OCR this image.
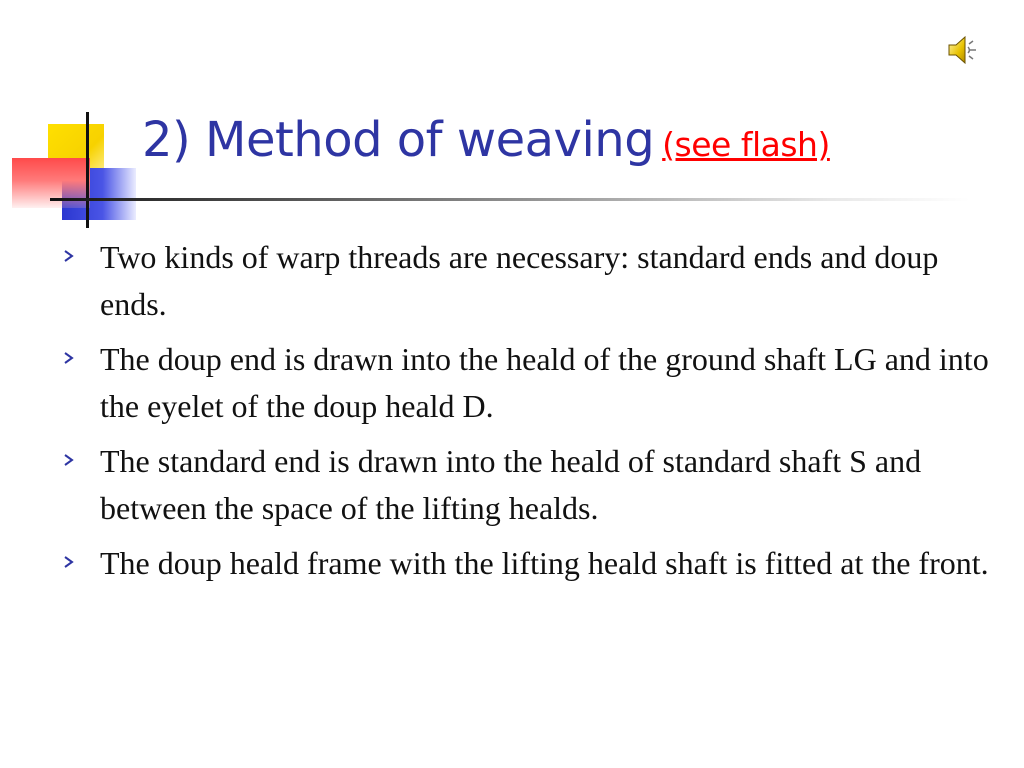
2) Method of weaving (see flash)
Two kinds of warp threads are necessary: standard ends and doup ends.
The doup end is drawn into the heald of the ground shaft LG and into the eyelet of the doup heald D.
The standard end is drawn into the heald of standard shaft S and between the space of the lifting healds.
The doup heald frame with the lifting heald shaft is fitted at the front.
